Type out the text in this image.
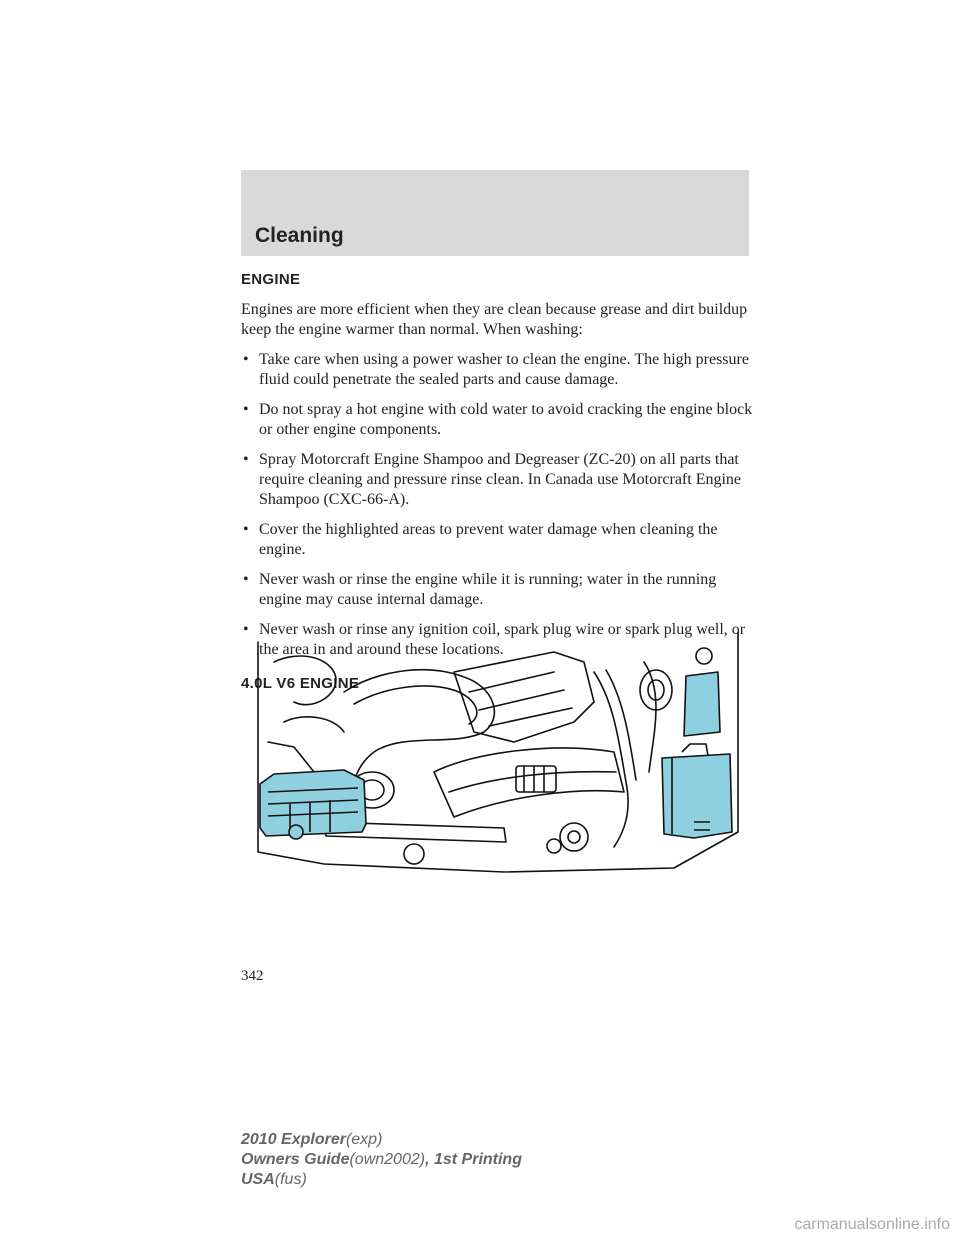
Cleaning
ENGINE

Engines are more efficient when they are clean because grease and dirt buildup keep the engine warmer than normal. When washing:

• Take care when using a power washer to clean the engine. The high pressure fluid could penetrate the sealed parts and cause damage.
• Do not spray a hot engine with cold water to avoid cracking the engine block or other engine components.
• Spray Motorcraft Engine Shampoo and Degreaser (ZC-20) on all parts that require cleaning and pressure rinse clean. In Canada use Motorcraft Engine Shampoo (CXC-66-A).
• Cover the highlighted areas to prevent water damage when cleaning the engine.
• Never wash or rinse the engine while it is running; water in the running engine may cause internal damage.
• Never wash or rinse any ignition coil, spark plug wire or spark plug well, or the area in and around these locations.
4.0L V6 ENGINE
342
2010 Explorer(exp)
Owners Guide(own2002), 1st Printing
USA(fus)
carmanualsonline.info
